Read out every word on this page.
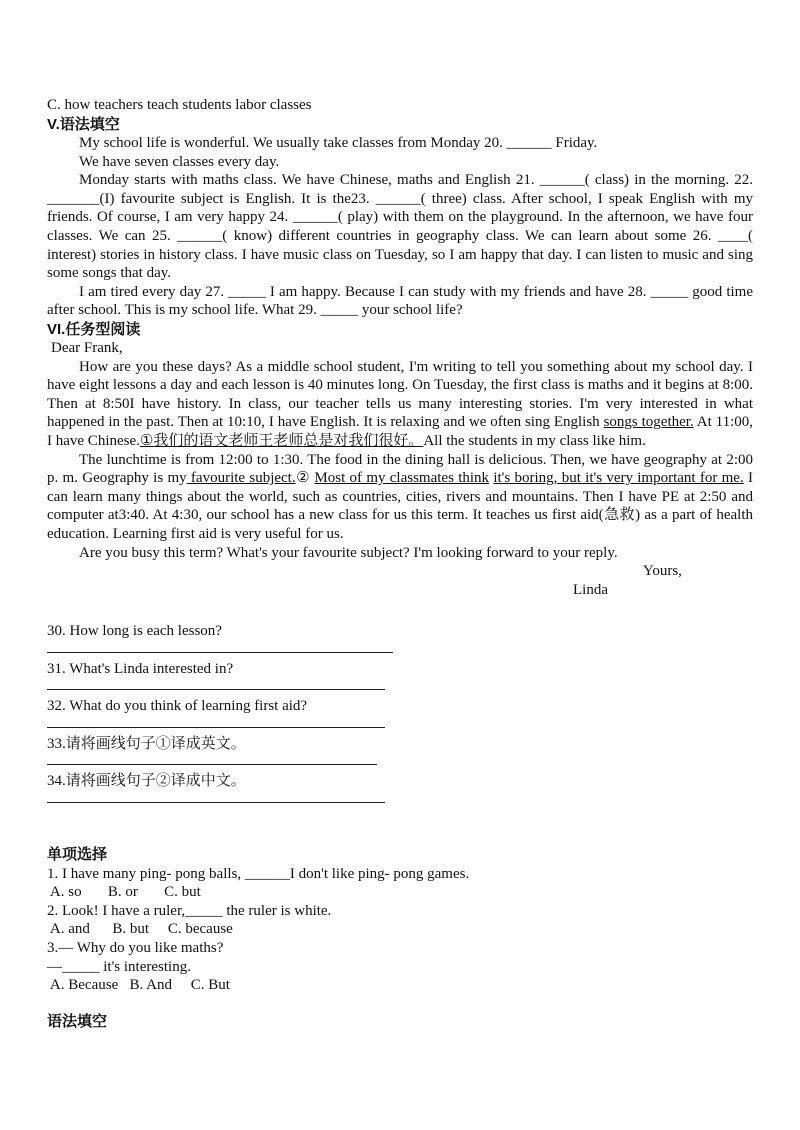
C. how teachers teach students labor classes

V.语法填空

My school life is wonderful. We usually take classes from Monday 20. ______ Friday.

We have seven classes every day.

Monday starts with maths class. We have Chinese, maths and English 21. ______( class) in the morning. 22. _______(I) favourite subject is English. It is the23. ______( three) class. After school, I speak English with my friends. Of course, I am very happy 24. ______( play) with them on the playground. In the afternoon, we have four classes. We can 25. ______( know) different countries in geography class. We can learn about some 26. ____( interest) stories in history class. I have music class on Tuesday, so I am happy that day. I can listen to music and sing some songs that day.

I am tired every day 27. _____ I am happy. Because I can study with my friends and have 28. _____ good time after school. This is my school life. What 29. _____ your school life?

VI.任务型阅读

Dear Frank,

How are you these days? As a middle school student, I'm writing to tell you something about my school day. I have eight lessons a day and each lesson is 40 minutes long. On Tuesday, the first class is maths and it begins at 8:00. Then at 8:50I have history. In class, our teacher tells us many interesting stories. I'm very interested in what happened in the past. Then at 10:10, I have English. It is relaxing and we often sing English songs together. At 11:00, I have Chinese.①我们的语文老师王老师总是对我们很好。All the students in my class like him.

The lunchtime is from 12:00 to 1:30. The food in the dining hall is delicious. Then, we have geography at 2:00 p. m. Geography is my favourite subject.② Most of my classmates think it's boring, but it's very important for me. I can learn many things about the world, such as countries, cities, rivers and mountains. Then I have PE at 2:50 and computer at3:40. At 4:30, our school has a new class for us this term. It teaches us first aid(急救) as a part of health education. Learning first aid is very useful for us.

Are you busy this term? What's your favourite subject? I'm looking forward to your reply.

Yours,

Linda

30. How long is each lesson?

31. What's Linda interested in?

32. What do you think of learning first aid?

33.请将画线句子①译成英文。

34.请将画线句子②译成中文。

单项选择

1. I have many ping- pong balls, ______I don't like ping- pong games.

A. so       B. or       C. but

2. Look! I have a ruler,_____ the ruler is white.

A. and      B. but     C. because

3.— Why do you like maths?

—_____ it's interesting.

A. Because   B. And     C. But

语法填空
